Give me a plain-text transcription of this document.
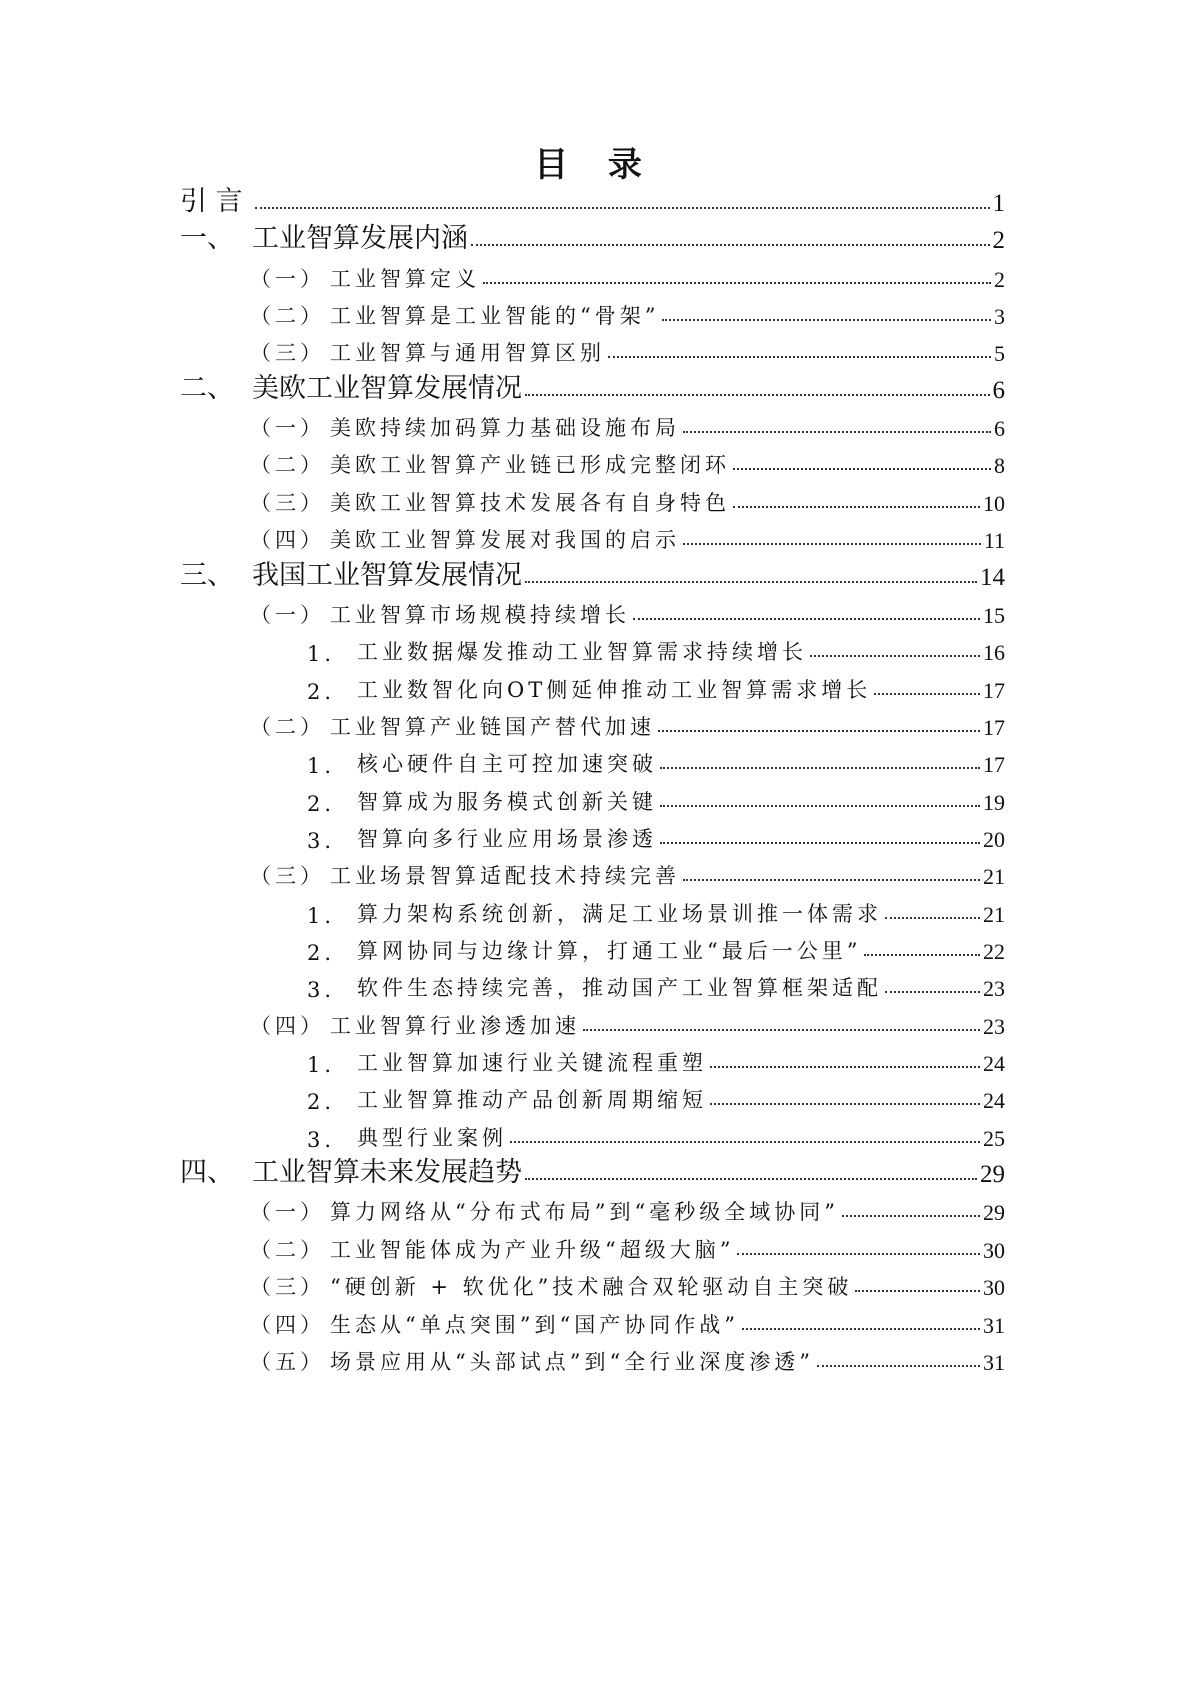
目 录
引 言	1
一、 工业智算发展内涵	2
（一） 工业智算定义	2
（二） 工业智算是工业智能的“骨架”	3
（三） 工业智算与通用智算区别	5
二、 美欧工业智算发展情况	6
（一） 美欧持续加码算力基础设施布局	6
（二） 美欧工业智算产业链已形成完整闭环	8
（三） 美欧工业智算技术发展各有自身特色	10
（四） 美欧工业智算发展对我国的启示	11
三、 我国工业智算发展情况	14
（一） 工业智算市场规模持续增长	15
1.	工业数据爆发推动工业智算需求持续增长	16
2.	工业数智化向OT侧延伸推动工业智算需求增长	17
（二） 工业智算产业链国产替代加速	17
1.	核心硬件自主可控加速突破	17
2.	智算成为服务模式创新关键	19
3.	智算向多行业应用场景渗透	20
（三） 工业场景智算适配技术持续完善	21
1.	算力架构系统创新，满足工业场景训推一体需求	21
2.	算网协同与边缘计算，打通工业“最后一公里”	22
3.	软件生态持续完善，推动国产工业智算框架适配	23
（四） 工业智算行业渗透加速	23
1.	工业智算加速行业关键流程重塑	24
2.	工业智算推动产品创新周期缩短	24
3.	典型行业案例	25
四、 工业智算未来发展趋势	29
（一） 算力网络从“分布式布局”到“毫秒级全域协同”	29
（二） 工业智能体成为产业升级“超级大脑”	30
（三） “硬创新 + 软优化”技术融合双轮驱动自主突破	30
（四） 生态从“单点突围”到“国产协同作战”	31
（五） 场景应用从“头部试点”到“全行业深度渗透”	31
